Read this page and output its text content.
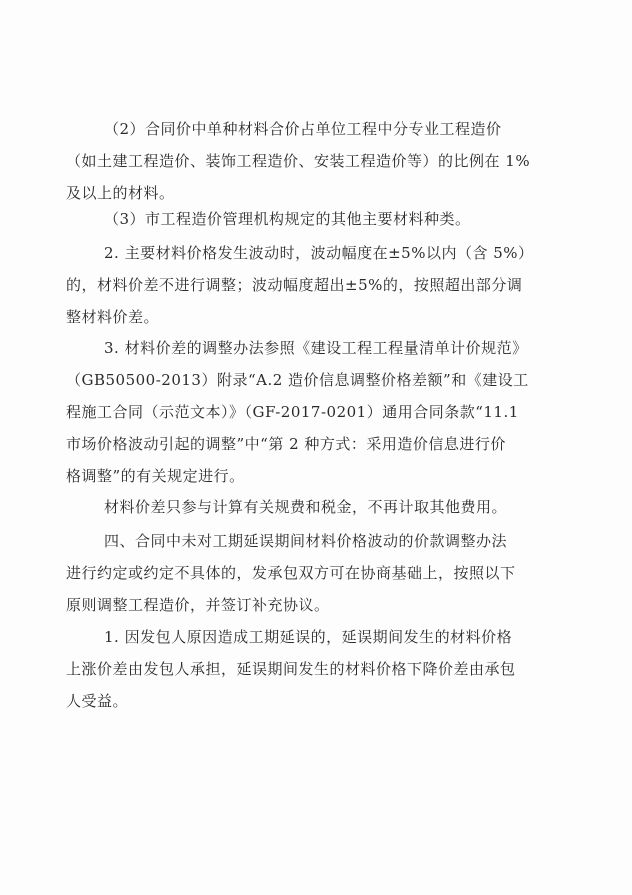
（2）合同价中单种材料合价占单位工程中分专业工程造价
（如土建工程造价、装饰工程造价、安装工程造价等）的比例在 1%
及以上的材料。
（3）市工程造价管理机构规定的其他主要材料种类。
2. 主要材料价格发生波动时，波动幅度在±5%以内（含 5%）
的，材料价差不进行调整；波动幅度超出±5%的，按照超出部分调
整材料价差。
3. 材料价差的调整办法参照《建设工程工程量清单计价规范》
（GB50500-2013）附录“A.2 造价信息调整价格差额”和《建设工
程施工合同（示范文本）》（GF-2017-0201）通用合同条款“11.1
市场价格波动引起的调整”中“第 2 种方式：采用造价信息进行价
格调整”的有关规定进行。
材料价差只参与计算有关规费和税金，不再计取其他费用。
四、合同中未对工期延误期间材料价格波动的价款调整办法
进行约定或约定不具体的，发承包双方可在协商基础上，按照以下
原则调整工程造价，并签订补充协议。
1. 因发包人原因造成工期延误的，延误期间发生的材料价格
上涨价差由发包人承担，延误期间发生的材料价格下降价差由承包
人受益。
